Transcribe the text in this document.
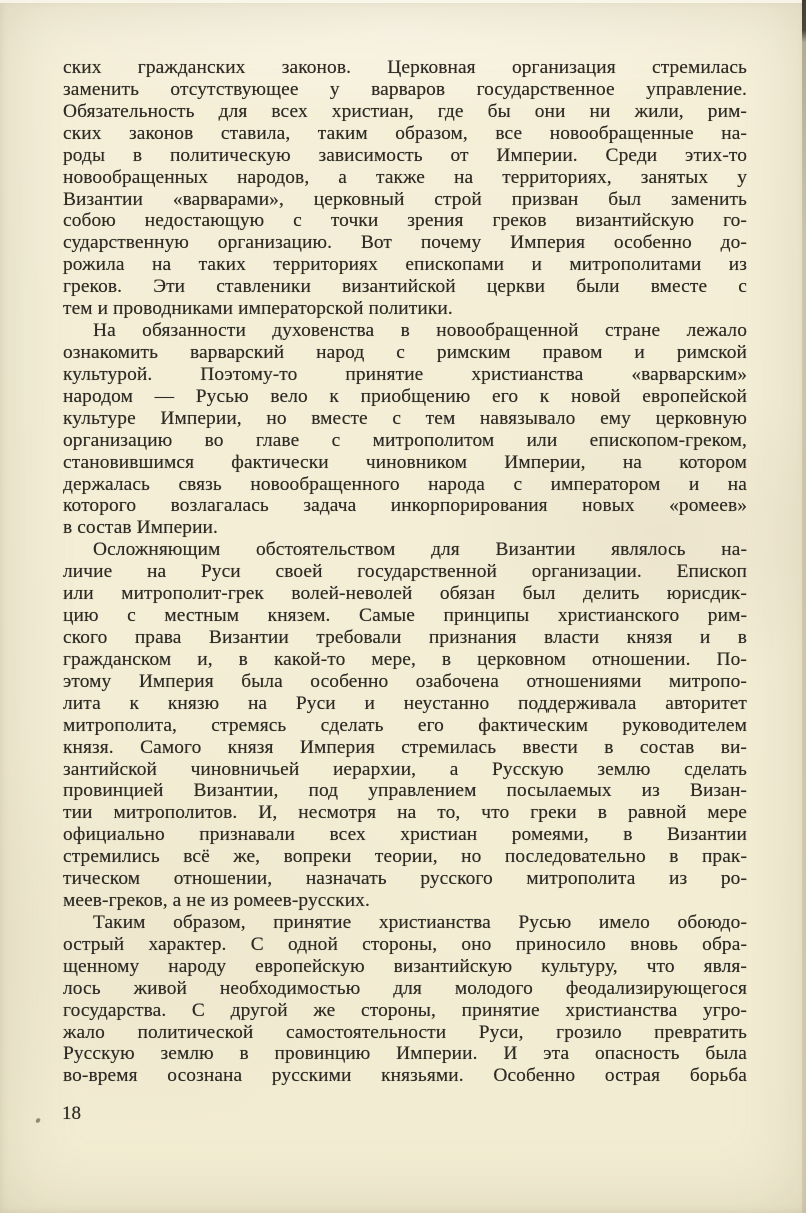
ских гражданских законов. Церковная организация стремилась
заменить отсутствующее у варваров государственное управление.
Обязательность для всех христиан, где бы они ни жили, рим-
ских законов ставила, таким образом, все новообращенные на-
роды в политическую зависимость от Империи. Среди этих-то
новообращенных народов, а также на территориях, занятых у
Византии «варварами», церковный строй призван был заменить
собою недостающую с точки зрения греков византийскую го-
сударственную организацию. Вот почему Империя особенно до-
рожила на таких территориях епископами и митрополитами из
греков. Эти ставленики византийской церкви были вместе с
тем и проводниками императорской политики.
На обязанности духовенства в новообращенной стране лежало
ознакомить варварский народ с римским правом и римской
культурой. Поэтому-то принятие христианства «варварским»
народом — Русью вело к приобщению его к новой европейской
культуре Империи, но вместе с тем навязывало ему церковную
организацию во главе с митрополитом или епископом-греком,
становившимся фактически чиновником Империи, на котором
держалась связь новообращенного народа с императором и на
которого возлагалась задача инкорпорирования новых «ромеев»
в состав Империи.
Осложняющим обстоятельством для Византии являлось на-
личие на Руси своей государственной организации. Епископ
или митрополит-грек волей-неволей обязан был делить юрисдик-
цию с местным князем. Самые принципы христианского рим-
ского права Византии требовали признания власти князя и в
гражданском и, в какой-то мере, в церковном отношении. По-
этому Империя была особенно озабочена отношениями митропо-
лита к князю на Руси и неустанно поддерживала авторитет
митрополита, стремясь сделать его фактическим руководителем
князя. Самого князя Империя стремилась ввести в состав ви-
зантийской чиновничьей иерархии, а Русскую землю сделать
провинцией Византии, под управлением посылаемых из Визан-
тии митрополитов. И, несмотря на то, что греки в равной мере
официально признавали всех христиан ромеями, в Византии
стремились всё же, вопреки теории, но последовательно в прак-
тическом отношении, назначать русского митрополита из ро-
меев-греков, а не из ромеев-русских.
Таким образом, принятие христианства Русью имело обоюдо-
острый характер. С одной стороны, оно приносило вновь обра-
щенному народу европейскую византийскую культуру, что явля-
лось живой необходимостью для молодого феодализирующегося
государства. С другой же стороны, принятие христианства угро-
жало политической самостоятельности Руси, грозило превратить
Русскую землю в провинцию Империи. И эта опасность была
во-время осознана русскими князьями. Особенно острая борьба
18
